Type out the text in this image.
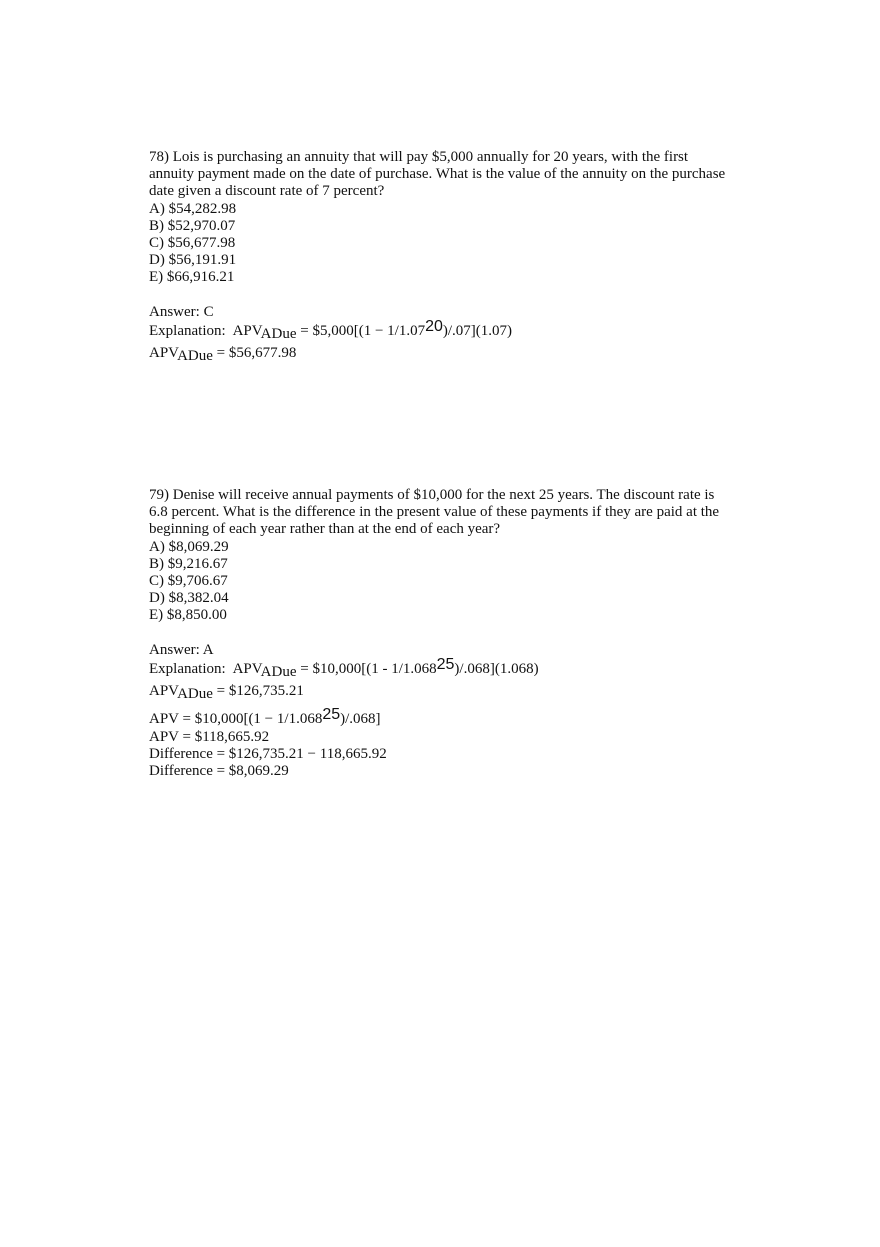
78) Lois is purchasing an annuity that will pay $5,000 annually for 20 years, with the first
annuity payment made on the date of purchase. What is the value of the annuity on the purchase
date given a discount rate of 7 percent?
A) $54,282.98
B) $52,970.07
C) $56,677.98
D) $56,191.91
E) $66,916.21
Answer: C
Explanation: $APV_{ADue}$ = $5,000[(1 − $1/1.07^{20})/.07](1.07)$
$APV_{ADue}$ = $56,677.98
79) Denise will receive annual payments of $10,000 for the next 25 years. The discount rate is
6.8 percent. What is the difference in the present value of these payments if they are paid at the
beginning of each year rather than at the end of each year?
A) $8,069.29
B) $9,216.67
C) $9,706.67
D) $8,382.04
E) $8,850.00
Answer: A
Explanation: $APV_{ADue}$ = $10,000[(1 - 1/1.068$^{25}$)/.068](1.068)
$APV_{ADue}$ = $126,735.21
APV = $10,000[(1 − $1/1.068^{25})/.068$]
APV = $118,665.92
Difference = $126,735.21 − 118,665.92
Difference = $8,069.29
